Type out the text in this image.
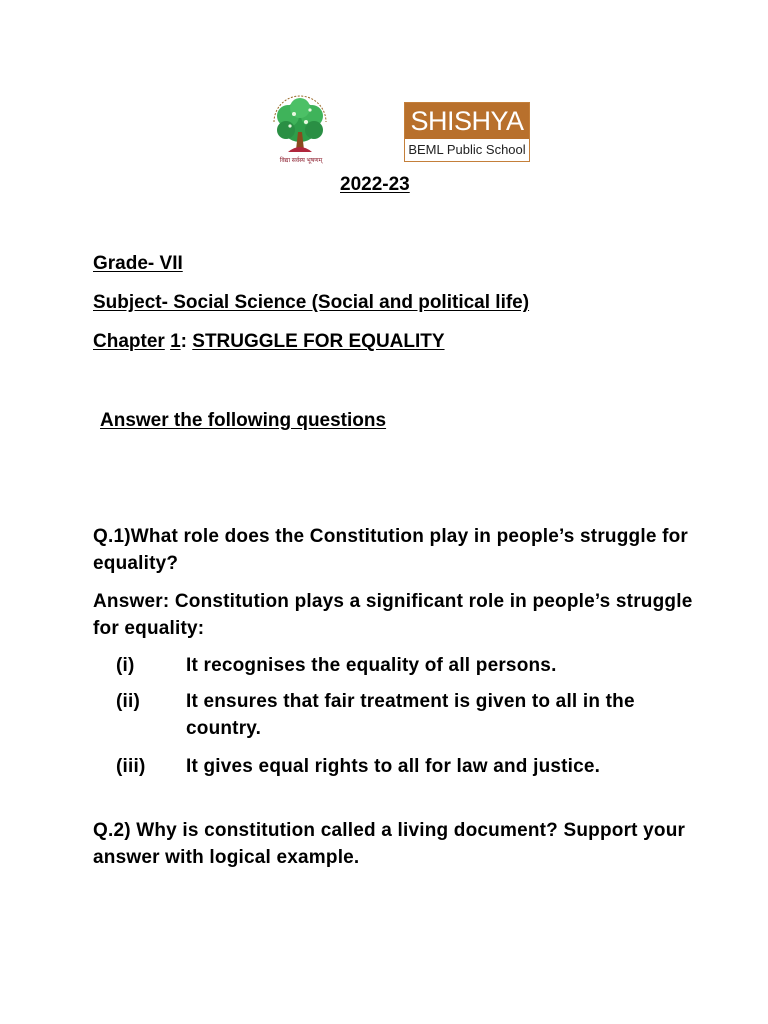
विद्या सर्वस्य भूषणम्
SHISHYA
BEML Public School
2022-23
Grade- VII
Subject- Social Science (Social and political life)
Chapter 1: STRUGGLE FOR EQUALITY
Answer the following questions
Q.1)What role does the Constitution play in people’s struggle for equality?
Answer: Constitution plays a significant role in people’s struggle for equality:
(i)	It recognises the equality of all persons.
(ii) It ensures that fair treatment is given to all in the country.
(iii) It gives equal rights to all for law and justice.
Q.2) Why is constitution called a living document? Support your answer with logical example.
